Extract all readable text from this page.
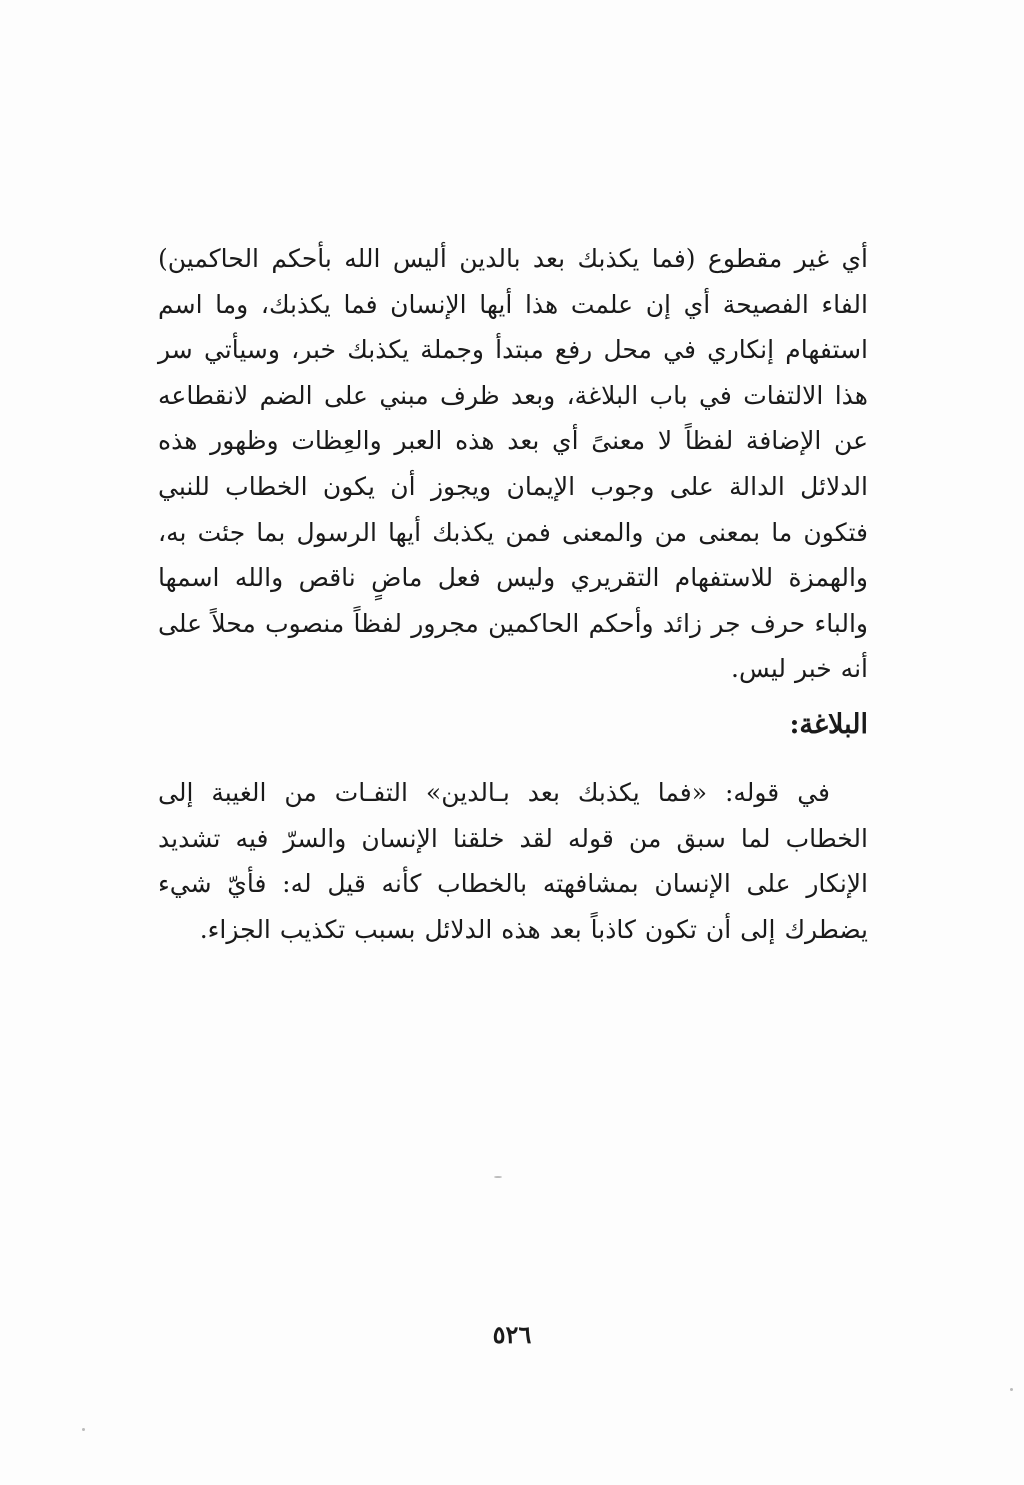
أي غير مقطوع (فما يكذبك بعد بالدين أليس الله بأحكم الحاكمين) الفاء الفصيحة أي إن علمت هذا أيها الإنسان فما يكذبك، وما اسم استفهام إنكاري في محل رفع مبتدأ وجملة يكذبك خبر، وسيأتي سر هذا الالتفات في باب البلاغة، وبعد ظرف مبني على الضم لانقطاعه عن الإضافة لفظاً لا معنىً أي بعد هذه العبر والعِظات وظهور هذه الدلائل الدالة على وجوب الإيمان ويجوز أن يكون الخطاب للنبي فتكون ما بمعنى من والمعنى فمن يكذبك أيها الرسول بما جئت به، والهمزة للاستفهام التقريري وليس فعل ماضٍ ناقص والله اسمها والباء حرف جر زائد وأحكم الحاكمين مجرور لفظاً منصوب محلاً على أنه خبر ليس.

البلاغة:

في قوله: «فما يكذبك بعد بـالدين» التفـات من الغيبة إلى الخطاب لما سبق من قوله لقد خلقنا الإنسان والسرّ فيه تشديد الإنكار على الإنسان بمشافهته بالخطاب كأنه قيل له: فأيّ شيء يضطرك إلى أن تكون كاذباً بعد هذه الدلائل بسبب تكذيب الجزاء.

٥٢٦
